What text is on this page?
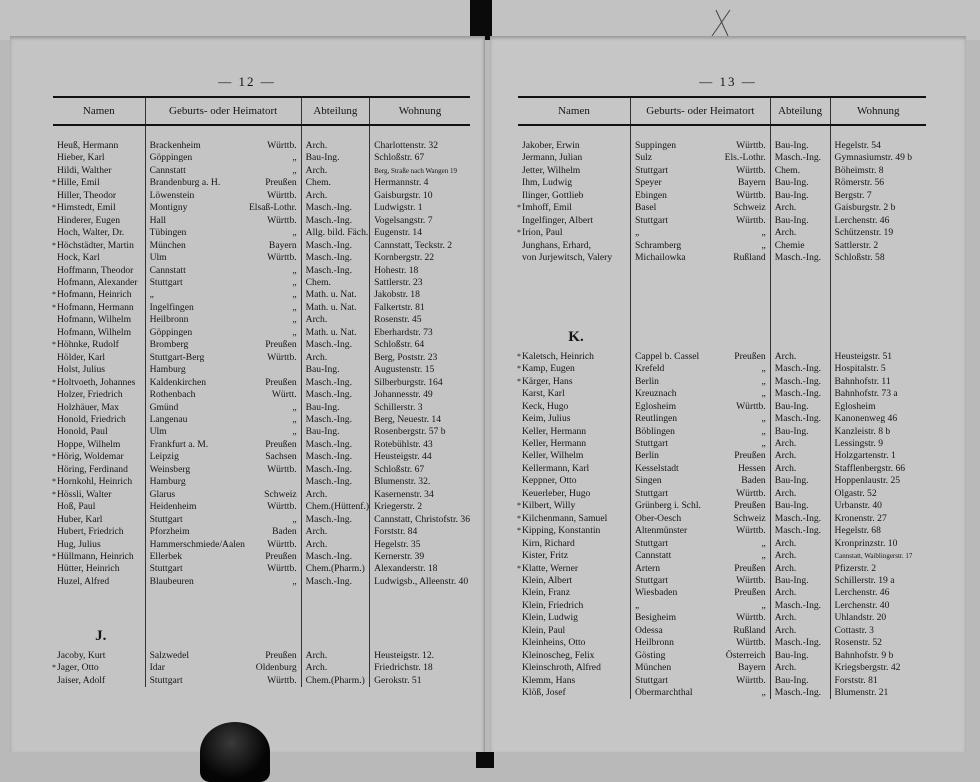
— 12 —
Namen	Geburts- oder Heimatort		Abteilung	Wohnung

Heuß, Hermann	Brackenheim	Württb.	Arch.	Charlottenstr. 32
Hieber, Karl	Göppingen	„	Bau-Ing.	Schloßstr. 67
Hildi, Walther	Cannstatt	„	Arch.	Berg, Straße nach Wangen 19
*Hille, Emil	Brandenburg a. H.	Preußen	Chem.	Hermannstr. 4
Hiller, Theodor	Löwenstein	Württb.	Arch.	Gaisburgstr. 10
*Himstedt, Emil	Montigny	Elsaß-Lothr.	Masch.-Ing.	Ludwigstr. 1
Hinderer, Eugen	Hall	Württb.	Masch.-Ing.	Vogelsangstr. 7
Hoch, Walter, Dr.	Tübingen	„	Allg. bild. Fäch.	Eugenstr. 14
*Höchstädter, Martin	München	Bayern	Masch.-Ing.	Cannstatt, Teckstr. 2
Hock, Karl	Ulm	Württb.	Masch.-Ing.	Kornbergstr. 22
Hoffmann, Theodor	Cannstatt	„	Masch.-Ing.	Hohestr. 18
Hofmann, Alexander	Stuttgart	„	Chem.	Sattlerstr. 23
*Hofmann, Heinrich	„	„	Math. u. Nat.	Jakobstr. 18
*Hofmann, Hermann	Ingelfingen	„	Math. u. Nat.	Falkertstr. 81
Hofmann, Wilhelm	Heilbronn	„	Arch.	Rosenstr. 45
Hofmann, Wilhelm	Göppingen	„	Math. u. Nat.	Eberhardstr. 73
*Höhnke, Rudolf	Bromberg	Preußen	Masch.-Ing.	Schloßstr. 64
Hölder, Karl	Stuttgart-Berg	Württb.	Arch.	Berg, Poststr. 23
Holst, Julius	Hamburg		Bau-Ing.	Augustenstr. 15
*Holtvoeth, Johannes	Kaldenkirchen	Preußen	Masch.-Ing.	Silberburgstr. 164
Holzer, Friedrich	Rothenbach	Württ.	Masch.-Ing.	Johannesstr. 49
Holzhäuer, Max	Gmünd	„	Bau-Ing.	Schillerstr. 3
Honold, Friedrich	Langenau	„	Masch.-Ing.	Berg, Neuestr. 14
Honold, Paul	Ulm	„	Bau-Ing.	Rosenbergstr. 57 b
Hoppe, Wilhelm	Frankfurt a. M.	Preußen	Masch.-Ing.	Rotebühlstr. 43
*Hörig, Woldemar	Leipzig	Sachsen	Masch.-Ing.	Heusteigstr. 44
Höring, Ferdinand	Weinsberg	Württb.	Masch.-Ing.	Schloßstr. 67
*Hornkohl, Heinrich	Hamburg		Masch.-Ing.	Blumenstr. 32.
*Hössli, Walter	Glarus	Schweiz	Arch.	Kasernenstr. 34
Hoß, Paul	Heidenheim	Württb.	Chem.(Hüttenf.)	Kriegerstr. 2
Huber, Karl	Stuttgart	„	Masch.-Ing.	Cannstatt, Christofstr. 36
Hubert, Friedrich	Pforzheim	Baden	Arch.	Forststr. 84
Hug, Julius	Hammerschmiede/Aalen	Württb.	Arch.	Hegelstr. 35
*Hüllmann, Heinrich	Ellerbek	Preußen	Masch.-Ing.	Kernerstr. 39
Hütter, Heinrich	Stuttgart	Württb.	Chem.(Pharm.)	Alexanderstr. 18
Huzel, Alfred	Blaubeuren	„	Masch.-Ing.	Ludwigsb., Alleenstr. 40

J.				
Jacoby, Kurt	Salzwedel	Preußen	Arch.	Heusteigstr. 12.
*Jager, Otto	Idar	Oldenburg	Arch.	Friedrichstr. 18
Jaiser, Adolf	Stuttgart	Württb.	Chem.(Pharm.)	Gerokstr. 51
— 13 —
Namen	Geburts- oder Heimatort		Abteilung	Wohnung

Jakober, Erwin	Suppingen	Württb.	Bau-Ing.	Hegelstr. 54
Jermann, Julian	Sulz	Els.-Lothr.	Masch.-Ing.	Gymnasiumstr. 49 b
Jetter, Wilhelm	Stuttgart	Württb.	Chem.	Böheimstr. 8
Ihm, Ludwig	Speyer	Bayern	Bau-Ing.	Römerstr. 56
Ilinger, Gottlieb	Ebingen	Württb.	Bau-Ing.	Bergstr. 7
*Imhoff, Emil	Basel	Schweiz	Arch.	Gaisburgstr. 2 b
Ingelfinger, Albert	Stuttgart	Württb.	Bau-Ing.	Lerchenstr. 46
*Irion, Paul	„	„	Arch.	Schützenstr. 19
Junghans, Erhard,	Schramberg	„	Chemie	Sattlerstr. 2
von Jurjewitsch, Valery	Michailowka	Rußland	Masch.-Ing.	Schloßstr. 58

K.				
*Kaletsch, Heinrich	Cappel b. Cassel	Preußen	Arch.	Heusteigstr. 51
*Kamp, Eugen	Krefeld	„	Masch.-Ing.	Hospitalstr. 5
*Kärger, Hans	Berlin	„	Masch.-Ing.	Bahnhofstr. 11
Karst, Karl	Kreuznach	„	Masch.-Ing.	Bahnhofstr. 73 a
Keck, Hugo	Eglosheim	Württb.	Bau-Ing.	Eglosheim
Keim, Julius	Reutlingen	„	Masch.-Ing.	Kanonenweg 46
Keller, Hermann	Böblingen	„	Bau-Ing.	Kanzleistr. 8 b
Keller, Hermann	Stuttgart	„	Arch.	Lessingstr. 9
Keller, Wilhelm	Berlin	Preußen	Arch.	Holzgartenstr. 1
Kellermann, Karl	Kesselstadt	Hessen	Arch.	Stafflenbergstr. 66
Keppner, Otto	Singen	Baden	Bau-Ing.	Hoppenlaustr. 25
Keuerleber, Hugo	Stuttgart	Württb.	Arch.	Olgastr. 52
*Kilbert, Willy	Grünberg i. Schl.	Preußen	Bau-Ing.	Urbanstr. 40
*Kilchenmann, Samuel	Ober-Oesch	Schweiz	Masch.-Ing.	Kronenstr. 27
*Kipping, Konstantin	Altenmünster	Württb.	Masch.-Ing.	Hegelstr. 68
Kirn, Richard	Stuttgart	„	Arch.	Kronprinzstr. 10
Kister, Fritz	Cannstatt	„	Arch.	Cannstatt, Waiblingerstr. 17
*Klatte, Werner	Artern	Preußen	Arch.	Pfizerstr. 2
Klein, Albert	Stuttgart	Württb.	Bau-Ing.	Schillerstr. 19 a
Klein, Franz	Wiesbaden	Preußen	Arch.	Lerchenstr. 46
Klein, Friedrich	„	„	Masch.-Ing.	Lerchenstr. 40
Klein, Ludwig	Besigheim	Württb.	Arch.	Uhlandstr. 20
Klein, Paul	Odessa	Rußland	Arch.	Cottastr. 3
Kleinheins, Otto	Heilbronn	Württb.	Masch.-Ing.	Rosenstr. 52
Kleinoscheg, Felix	Gösting	Österreich	Bau-Ing.	Bahnhofstr. 9 b
Kleinschroth, Alfred	München	Bayern	Arch.	Kriegsbergstr. 42
Klemm, Hans	Stuttgart	Württb.	Bau-Ing.	Forststr. 81
Klöß, Josef	Obermarchthal	„	Masch.-Ing.	Blumenstr. 21
